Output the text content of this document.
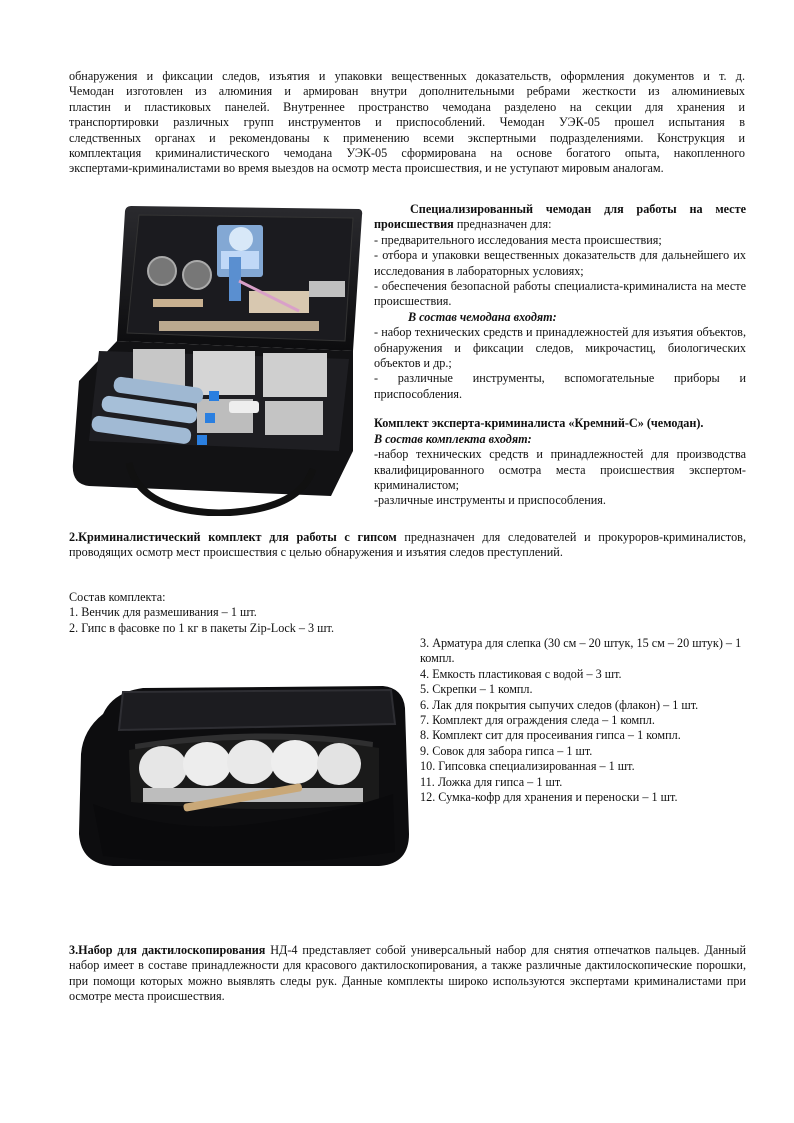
обнаружения и фиксации следов, изъятия и упаковки вещественных доказательств, оформления документов и т. д.
Чемодан изготовлен из алюминия и армирован внутри дополнительными ребрами жесткости из алюминиевых
пластин и пластиковых панелей. Внутреннее пространство чемодана разделено на секции для хранения и
транспортировки различных групп инструментов и приспособлений. Чемодан УЭК-05 прошел испытания в
следственных органах и рекомендованы к применению всеми экспертными подразделениями. Конструкция и
комплектация криминалистического чемодана УЭК-05 сформирована на основе богатого опыта, накопленного
экспертами-криминалистами во время выездов на осмотр места происшествия, и не уступают мировым аналогам.
Специализированный чемодан для работы на месте происшествия предназначен для:
- предварительного исследования места происшествия;
- отбора и упаковки вещественных доказательств для дальнейшего их исследования в лабораторных условиях;
- обеспечения безопасной работы специалиста-криминалиста на месте происшествия.
В состав чемодана входят:
- набор технических средств и принадлежностей для изъятия объектов, обнаружения и фиксации следов, микрочастиц, биологических объектов и др.;
- различные инструменты, вспомогательные приборы и приспособления.
Комплект эксперта-криминалиста «Кремний-С» (чемодан).
В состав комплекта входят:
-набор технических средств и принадлежностей для производства квалифицированного осмотра места происшествия экспертом-криминалистом;
-различные инструменты и приспособления.
2.Криминалистический комплект для работы с гипсом предназначен для следователей и прокуроров-криминалистов, проводящих осмотр мест происшествия с целью обнаружения и изъятия следов преступлений.
Состав комплекта:
1. Венчик для размешивания – 1 шт.
2. Гипс в фасовке по 1 кг в пакеты Zip-Lock – 3 шт.
3. Арматура для слепка (30 см – 20 штук, 15 см – 20 штук) – 1 компл.
4. Емкость пластиковая с водой – 3 шт.
5. Скрепки – 1 компл.
6. Лак для покрытия сыпучих следов (флакон) – 1 шт.
7. Комплект для ограждения следа – 1 компл.
8. Комплект сит для просеивания гипса – 1 компл.
9. Совок для забора гипса – 1 шт.
10. Гипсовка специализированная – 1 шт.
11. Ложка для гипса – 1 шт.
12. Сумка-кофр для хранения и переноски – 1 шт.
3.Набор для дактилоскопирования НД-4 представляет собой универсальный набор для снятия отпечатков пальцев. Данный набор имеет в составе принадлежности для красового дактилоскопирования, а также различные дактилоскопические порошки, при помощи которых можно выявлять следы рук. Данные комплекты широко используются экспертами криминалистами при осмотре места происшествия.
